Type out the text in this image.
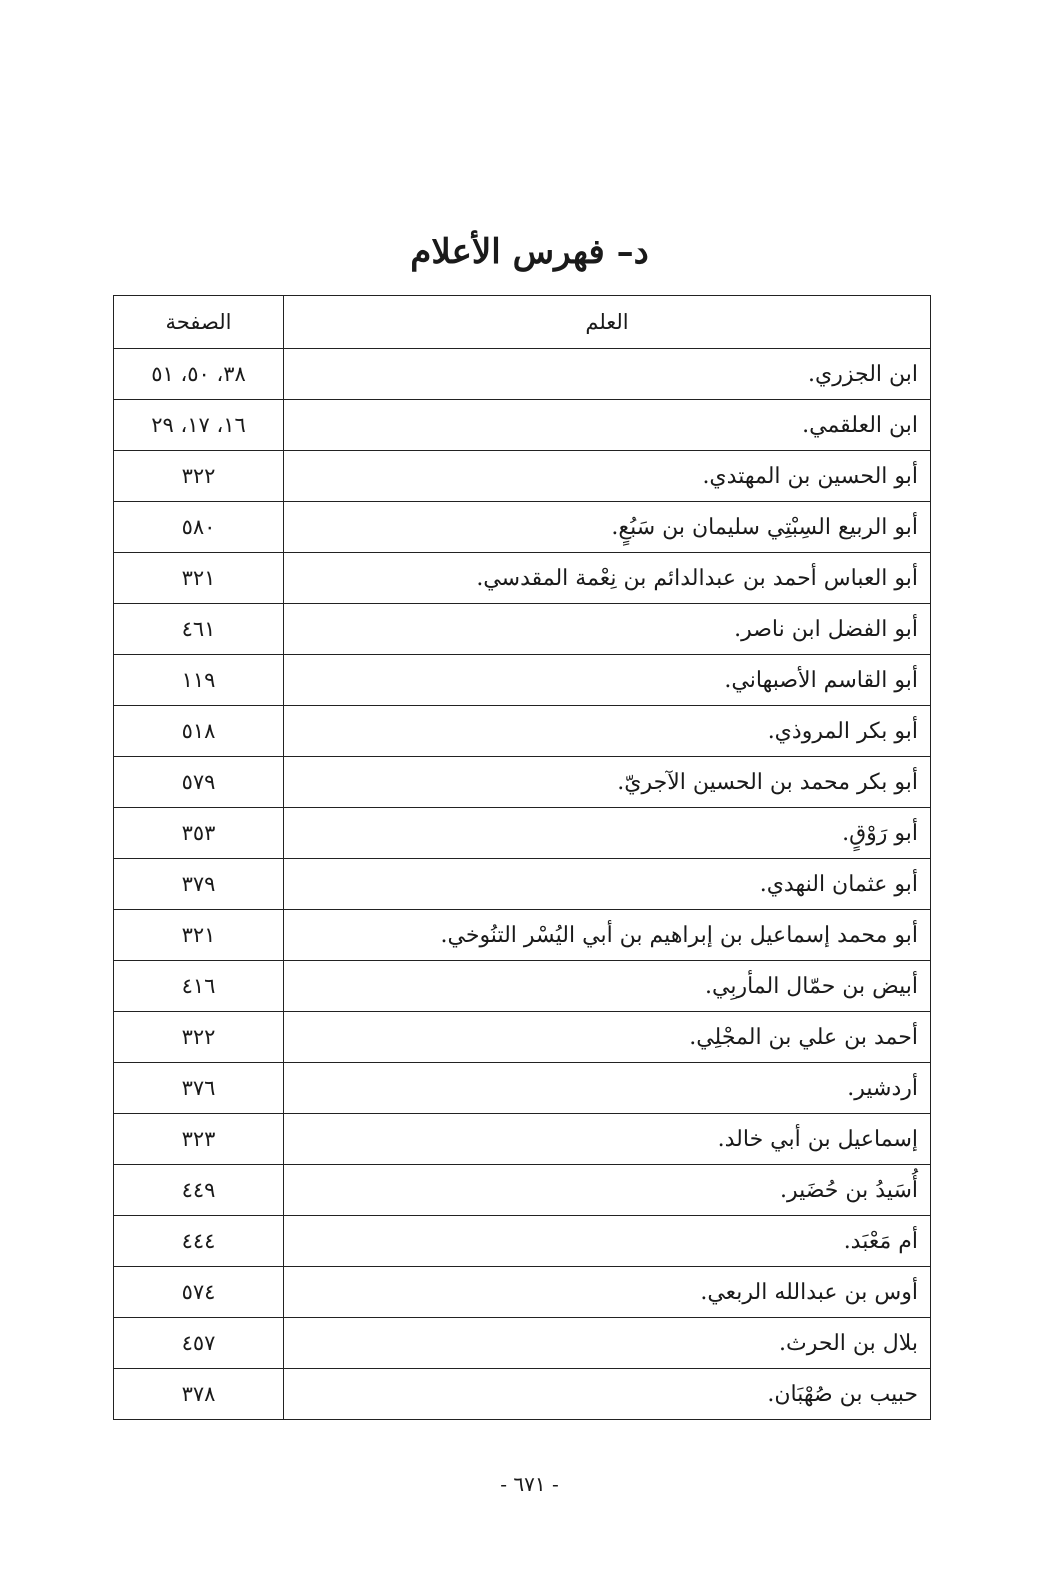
د– فهرس الأعلام
العلم	الصفحة
ابن الجزري.	٣٨، ٥٠، ٥١
ابن العلقمي.	١٦، ١٧، ٢٩
أبو الحسين بن المهتدي.	٣٢٢
أبو الربيع السِبْتِي سليمان بن سَبُعٍ.	٥٨٠
أبو العباس أحمد بن عبدالدائم بن نِعْمة المقدسي.	٣٢١
أبو الفضل ابن ناصر.	٤٦١
أبو القاسم الأصبهاني.	١١٩
أبو بكر المروذي.	٥١٨
أبو بكر محمد بن الحسين الآجريّ.	٥٧٩
أبو رَوْقٍ.	٣٥٣
أبو عثمان النهدي.	٣٧٩
أبو محمد إسماعيل بن إبراهيم بن أبي اليُسْر التنُوخي.	٣٢١
أبيض بن حمّال المأربِي.	٤١٦
أحمد بن علي بن المجْلِي.	٣٢٢
أردشير.	٣٧٦
إسماعيل بن أبي خالد.	٣٢٣
أُسَيدُ بن حُضَير.	٤٤٩
أم مَعْبَد.	٤٤٤
أوس بن عبدالله الربعي.	٥٧٤
بلال بن الحرث.	٤٥٧
حبيب بن صُهْبَان.	٣٧٨
- ٦٧١ -
